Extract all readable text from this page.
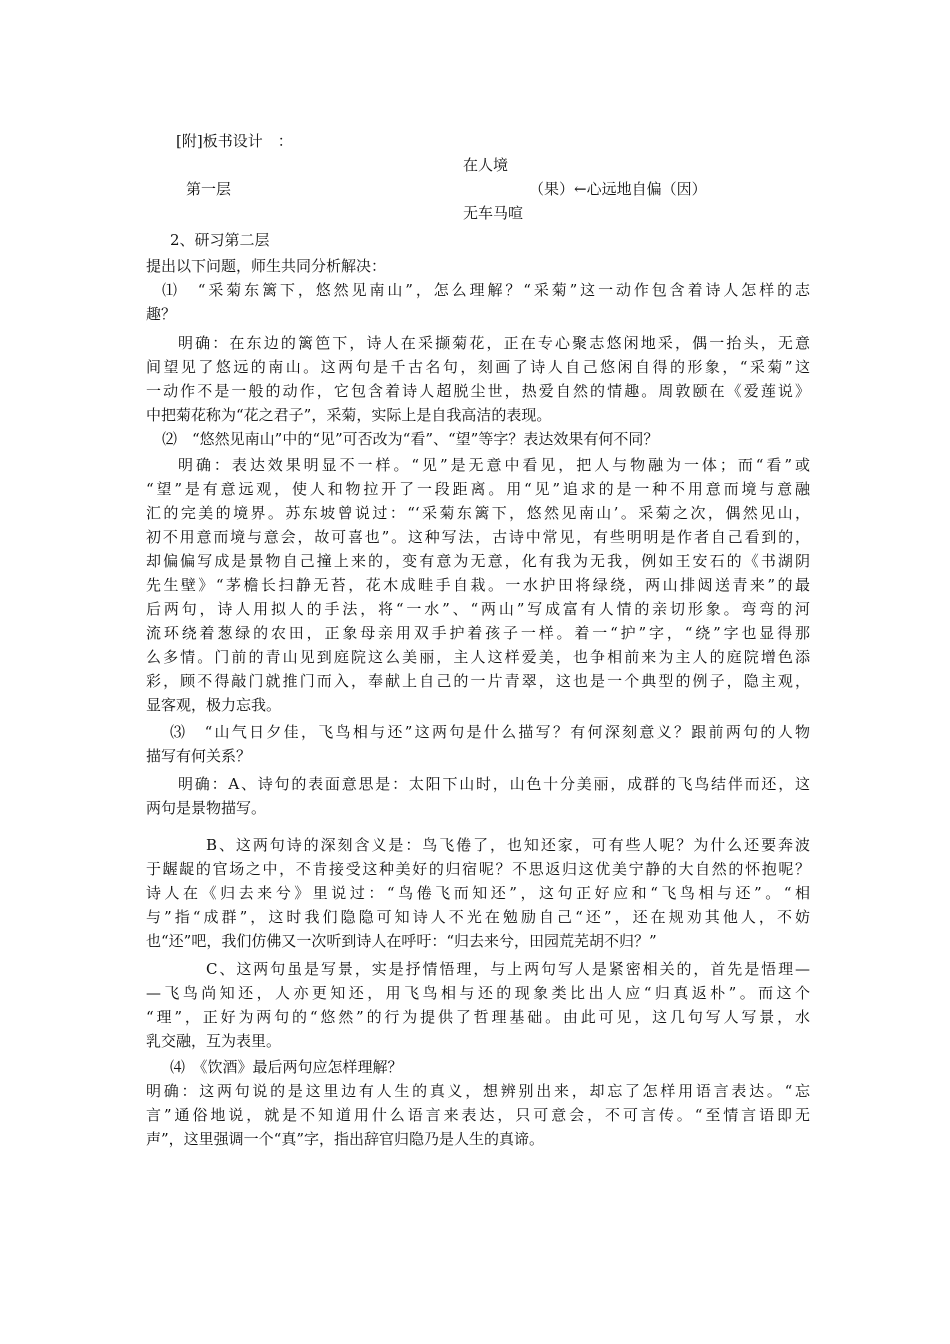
[附]板书设计　：
在人境
第一层	（果）←心远地自偏（因）
无车马喧
2、研习第二层
提出以下问题，师生共同分析解决：
⑴　“采菊东篱下，悠然见南山”，怎么理解？“采菊”这一动作包含着诗人怎样的志
趣？
明确：在东边的篱笆下，诗人在采撷菊花，正在专心聚志悠闲地采，偶一抬头，无意
间望见了悠远的南山。这两句是千古名句，刻画了诗人自己悠闲自得的形象，“采菊”这
一动作不是一般的动作，它包含着诗人超脱尘世，热爱自然的情趣。周敦颐在《爱莲说》
中把菊花称为“花之君子”，采菊，实际上是自我高洁的表现。
⑵　“悠然见南山”中的“见”可否改为“看”、“望”等字？表达效果有何不同？
明确：表达效果明显不一样。“见”是无意中看见，把人与物融为一体；而“看”或
“望”是有意远观，使人和物拉开了一段距离。用“见”追求的是一种不用意而境与意融
汇的完美的境界。苏东坡曾说过：“‘采菊东篱下，悠然见南山’。采菊之次，偶然见山，
初不用意而境与意会，故可喜也”。这种写法，古诗中常见，有些明明是作者自己看到的，
却偏偏写成是景物自己撞上来的，变有意为无意，化有我为无我，例如王安石的《书湖阴
先生壁》“茅檐长扫静无苔，花木成畦手自栽。一水护田将绿绕，两山排闼送青来”的最
后两句，诗人用拟人的手法，将“一水”、“两山”写成富有人情的亲切形象。弯弯的河
流环绕着葱绿的农田，正象母亲用双手护着孩子一样。着一“护”字，“绕”字也显得那
么多情。门前的青山见到庭院这么美丽，主人这样爱美，也争相前来为主人的庭院增色添
彩，顾不得敲门就推门而入，奉献上自己的一片青翠，这也是一个典型的例子，隐主观，
显客观，极力忘我。
⑶　“山气日夕佳，飞鸟相与还”这两句是什么描写？有何深刻意义？跟前两句的人物
描写有何关系？
明确：A、诗句的表面意思是：太阳下山时，山色十分美丽，成群的飞鸟结伴而还，这
两句是景物描写。
B、这两句诗的深刻含义是：鸟飞倦了，也知还家，可有些人呢？为什么还要奔波
于龌龊的官场之中，不肯接受这种美好的归宿呢？不思返归这优美宁静的大自然的怀抱呢？
诗人在《归去来兮》里说过：“鸟倦飞而知还”，这句正好应和“飞鸟相与还”。“相
与”指“成群”，这时我们隐隐可知诗人不光在勉励自己“还”，还在规劝其他人，不妨
也“还”吧，我们仿佛又一次听到诗人在呼吁：“归去来兮，田园荒芜胡不归？”
C、这两句虽是写景，实是抒情悟理，与上两句写人是紧密相关的，首先是悟理—
—飞鸟尚知还，人亦更知还，用飞鸟相与还的现象类比出人应“归真返朴”。而这个
“理”，正好为两句的“悠然”的行为提供了哲理基础。由此可见，这几句写人写景，水
乳交融，互为表里。
⑷　《饮酒》最后两句应怎样理解？
明确：这两句说的是这里边有人生的真义，想辨别出来，却忘了怎样用语言表达。“忘
言”通俗地说，就是不知道用什么语言来表达，只可意会，不可言传。“至情言语即无
声”，这里强调一个“真”字，指出辞官归隐乃是人生的真谛。
